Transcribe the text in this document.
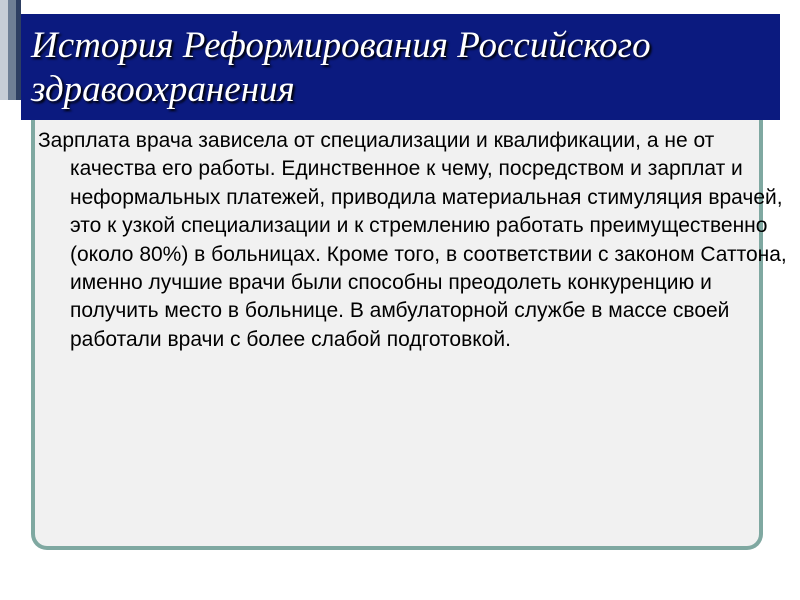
История Реформирования Российского здравоохранения

Зарплата врача зависела от специализации и квалификации, а не от качества его работы. Единственное к чему, посредством и зарплат и неформальных платежей, приводила материальная стимуляция врачей, это к узкой специализации и к стремлению работать преимущественно (около 80%) в больницах. Кроме того, в соответствии с законом Саттона, именно лучшие врачи были способны преодолеть конкуренцию и получить место в больнице. В амбулаторной службе в массе своей работали врачи с более слабой подготовкой.
